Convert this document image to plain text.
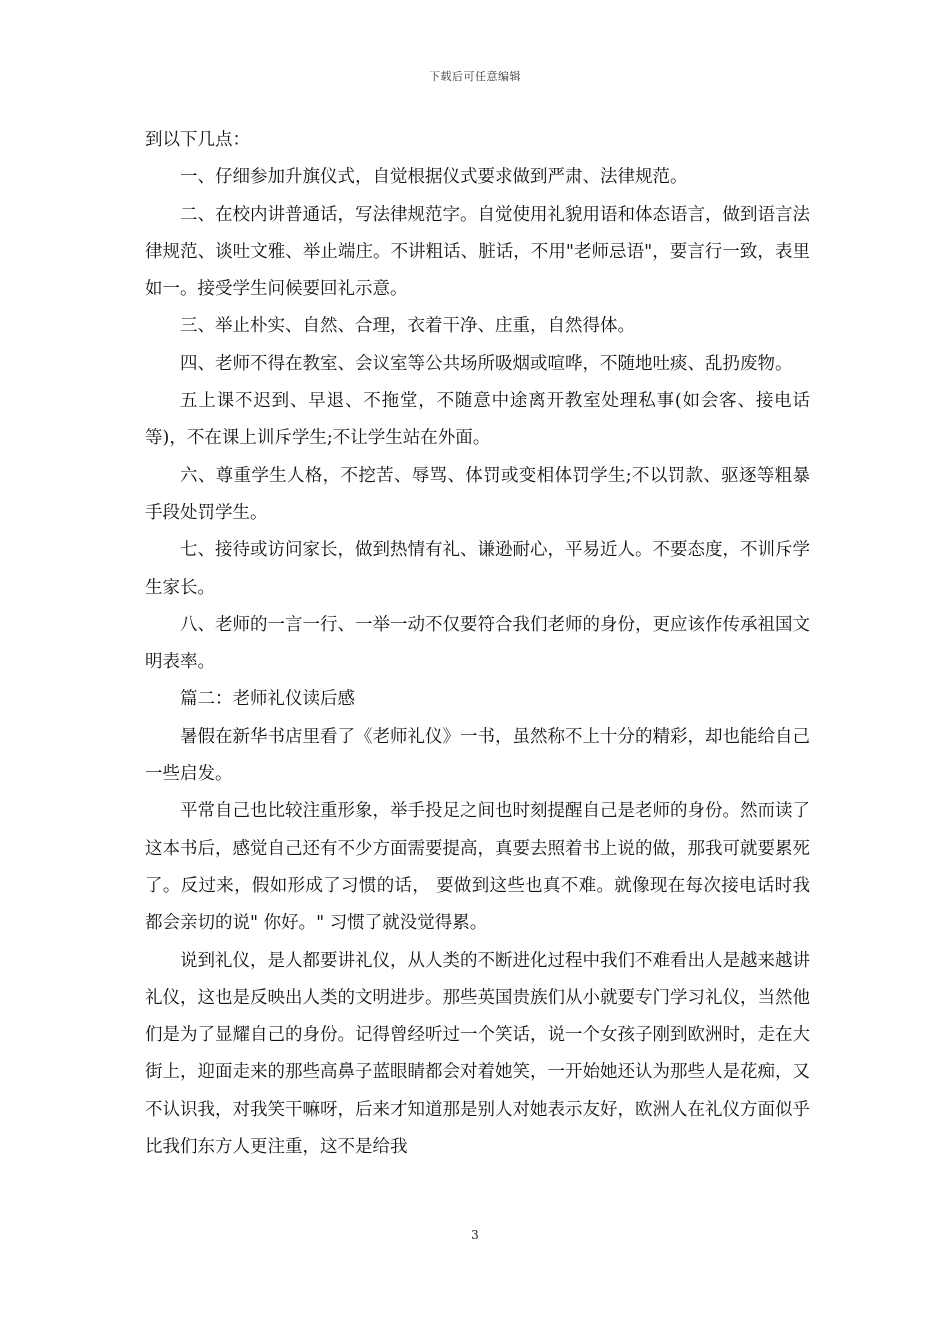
下载后可任意编辑

到以下几点：

一、仔细参加升旗仪式，自觉根据仪式要求做到严肃、法律规范。

二、在校内讲普通话，写法律规范字。自觉使用礼貌用语和体态语言，做到语言法律规范、谈吐文雅、举止端庄。不讲粗话、脏话，不用"老师忌语"，要言行一致，表里如一。接受学生问候要回礼示意。

三、举止朴实、自然、合理，衣着干净、庄重，自然得体。

四、老师不得在教室、会议室等公共场所吸烟或喧哗，不随地吐痰、乱扔废物。

五上课不迟到、早退、不拖堂，不随意中途离开教室处理私事(如会客、接电话等)，不在课上训斥学生;不让学生站在外面。

六、尊重学生人格，不挖苦、辱骂、体罚或变相体罚学生;不以罚款、驱逐等粗暴手段处罚学生。

七、接待或访问家长，做到热情有礼、谦逊耐心，平易近人。不要态度，不训斥学生家长。

八、老师的一言一行、一举一动不仅要符合我们老师的身份，更应该作传承祖国文明表率。

篇二：老师礼仪读后感

暑假在新华书店里看了《老师礼仪》一书，虽然称不上十分的精彩，却也能给自己一些启发。

平常自己也比较注重形象，举手投足之间也时刻提醒自己是老师的身份。然而读了这本书后，感觉自己还有不少方面需要提高，真要去照着书上说的做，那我可就要累死了。反过来，假如形成了习惯的话， 要做到这些也真不难。就像现在每次接电话时我都会亲切的说" 你好。" 习惯了就没觉得累。

说到礼仪，是人都要讲礼仪，从人类的不断进化过程中我们不难看出人是越来越讲礼仪，这也是反映出人类的文明进步。那些英国贵族们从小就要专门学习礼仪，当然他们是为了显耀自己的身份。记得曾经听过一个笑话，说一个女孩子刚到欧洲时，走在大街上，迎面走来的那些高鼻子蓝眼睛都会对着她笑，一开始她还认为那些人是花痴，又不认识我，对我笑干嘛呀，后来才知道那是别人对她表示友好，欧洲人在礼仪方面似乎比我们东方人更注重，这不是给我

3
